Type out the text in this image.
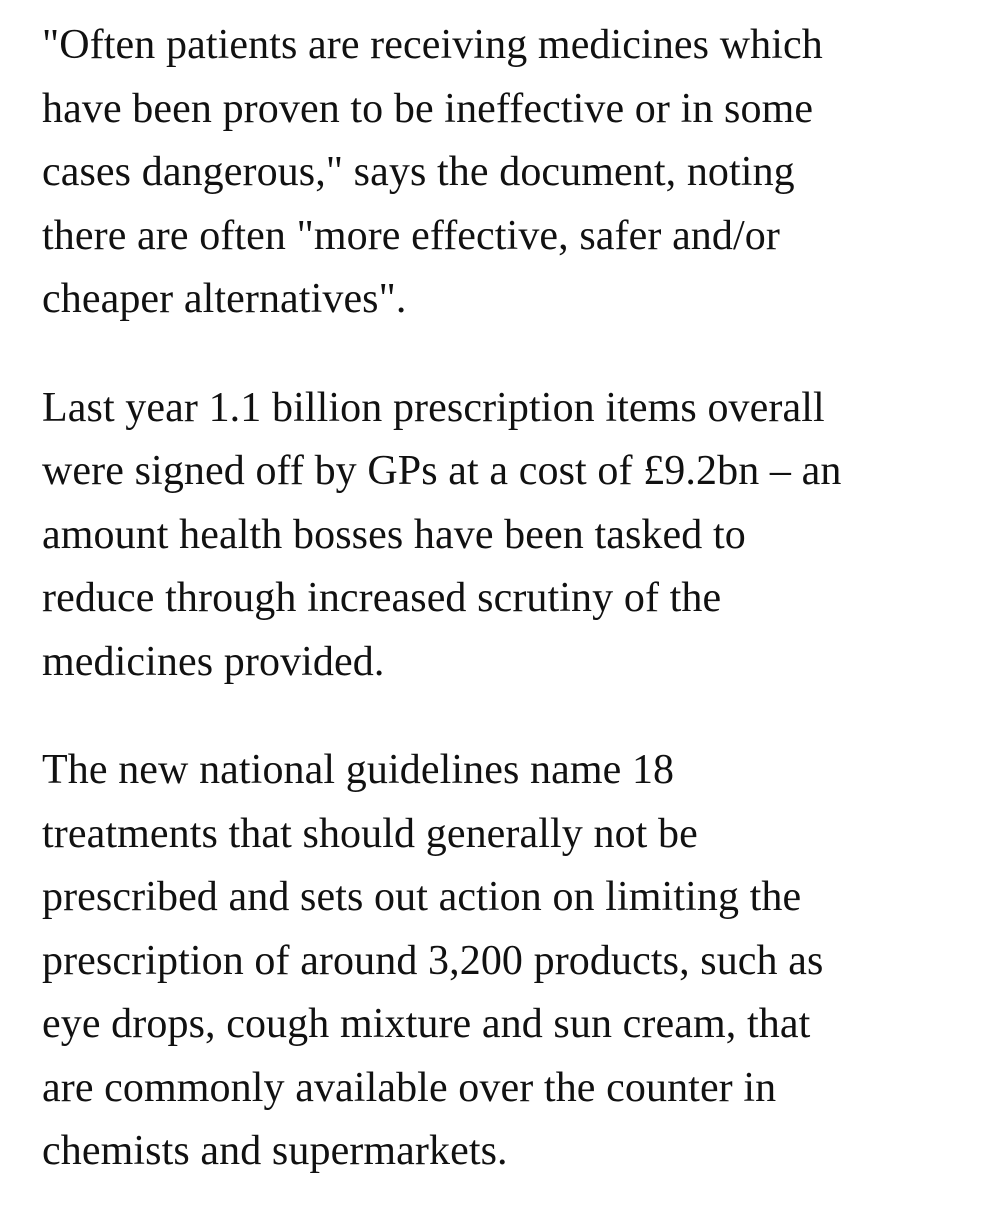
"Often patients are receiving medicines which
have been proven to be ineffective or in some
cases dangerous," says the document, noting
there are often "more effective, safer and/or
cheaper alternatives".

Last year 1.1 billion prescription items overall
were signed off by GPs at a cost of £9.2bn – an
amount health bosses have been tasked to
reduce through increased scrutiny of the
medicines provided.

The new national guidelines name 18
treatments that should generally not be
prescribed and sets out action on limiting the
prescription of around 3,200 products, such as
eye drops, cough mixture and sun cream, that
are commonly available over the counter in
chemists and supermarkets.
